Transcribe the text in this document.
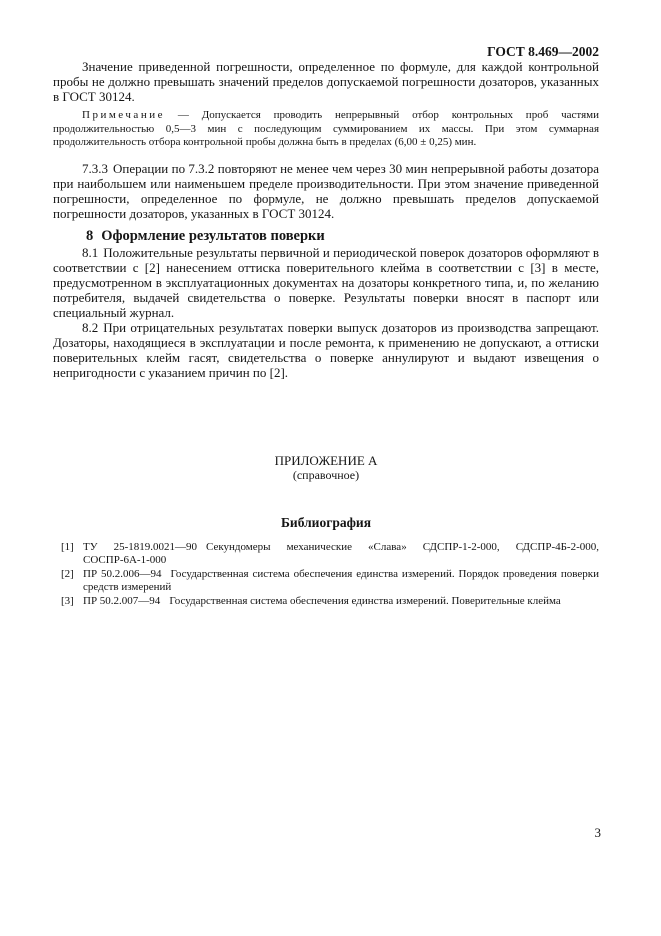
ГОСТ 8.469—2002

Значение приведенной погрешности, определенное по формуле, для каждой контрольной пробы не должно превышать значений пределов допускаемой погрешности дозаторов, указанных в ГОСТ 30124.

Примечание — Допускается проводить непрерывный отбор контрольных проб частями продолжительностью 0,5—3 мин с последующим суммированием их массы. При этом суммарная продолжительность отбора контрольной пробы должна быть в пределах (6,00 ± 0,25) мин.

7.3.3 Операции по 7.3.2 повторяют не менее чем через 30 мин непрерывной работы дозатора при наибольшем или наименьшем пределе производительности. При этом значение приведенной погрешности, определенное по формуле, не должно превышать пределов допускаемой погрешности дозаторов, указанных в ГОСТ 30124.

8 Оформление результатов поверки

8.1 Положительные результаты первичной и периодической поверок дозаторов оформляют в соответствии с [2] нанесением оттиска поверительного клейма в соответствии с [3] в месте, предусмотренном в эксплуатационных документах на дозаторы конкретного типа, и, по желанию потребителя, выдачей свидетельства о поверке. Результаты поверки вносят в паспорт или специальный журнал.

8.2 При отрицательных результатах поверки выпуск дозаторов из производства запрещают. Дозаторы, находящиеся в эксплуатации и после ремонта, к применению не допускают, а оттиски поверительных клейм гасят, свидетельства о поверке аннулируют и выдают извещения о непригодности с указанием причин по [2].

ПРИЛОЖЕНИЕ А
(справочное)
Библиография

[1] ТУ 25-1819.0021—90 Секундомеры механические «Слава» СДСПР-1-2-000, СДСПР-4Б-2-000, СОСПР-6А-1-000

[2] ПР 50.2.006—94 Государственная система обеспечения единства измерений. Порядок проведения поверки средств измерений

[3] ПР 50.2.007—94 Государственная система обеспечения единства измерений. Поверительные клейма

3
